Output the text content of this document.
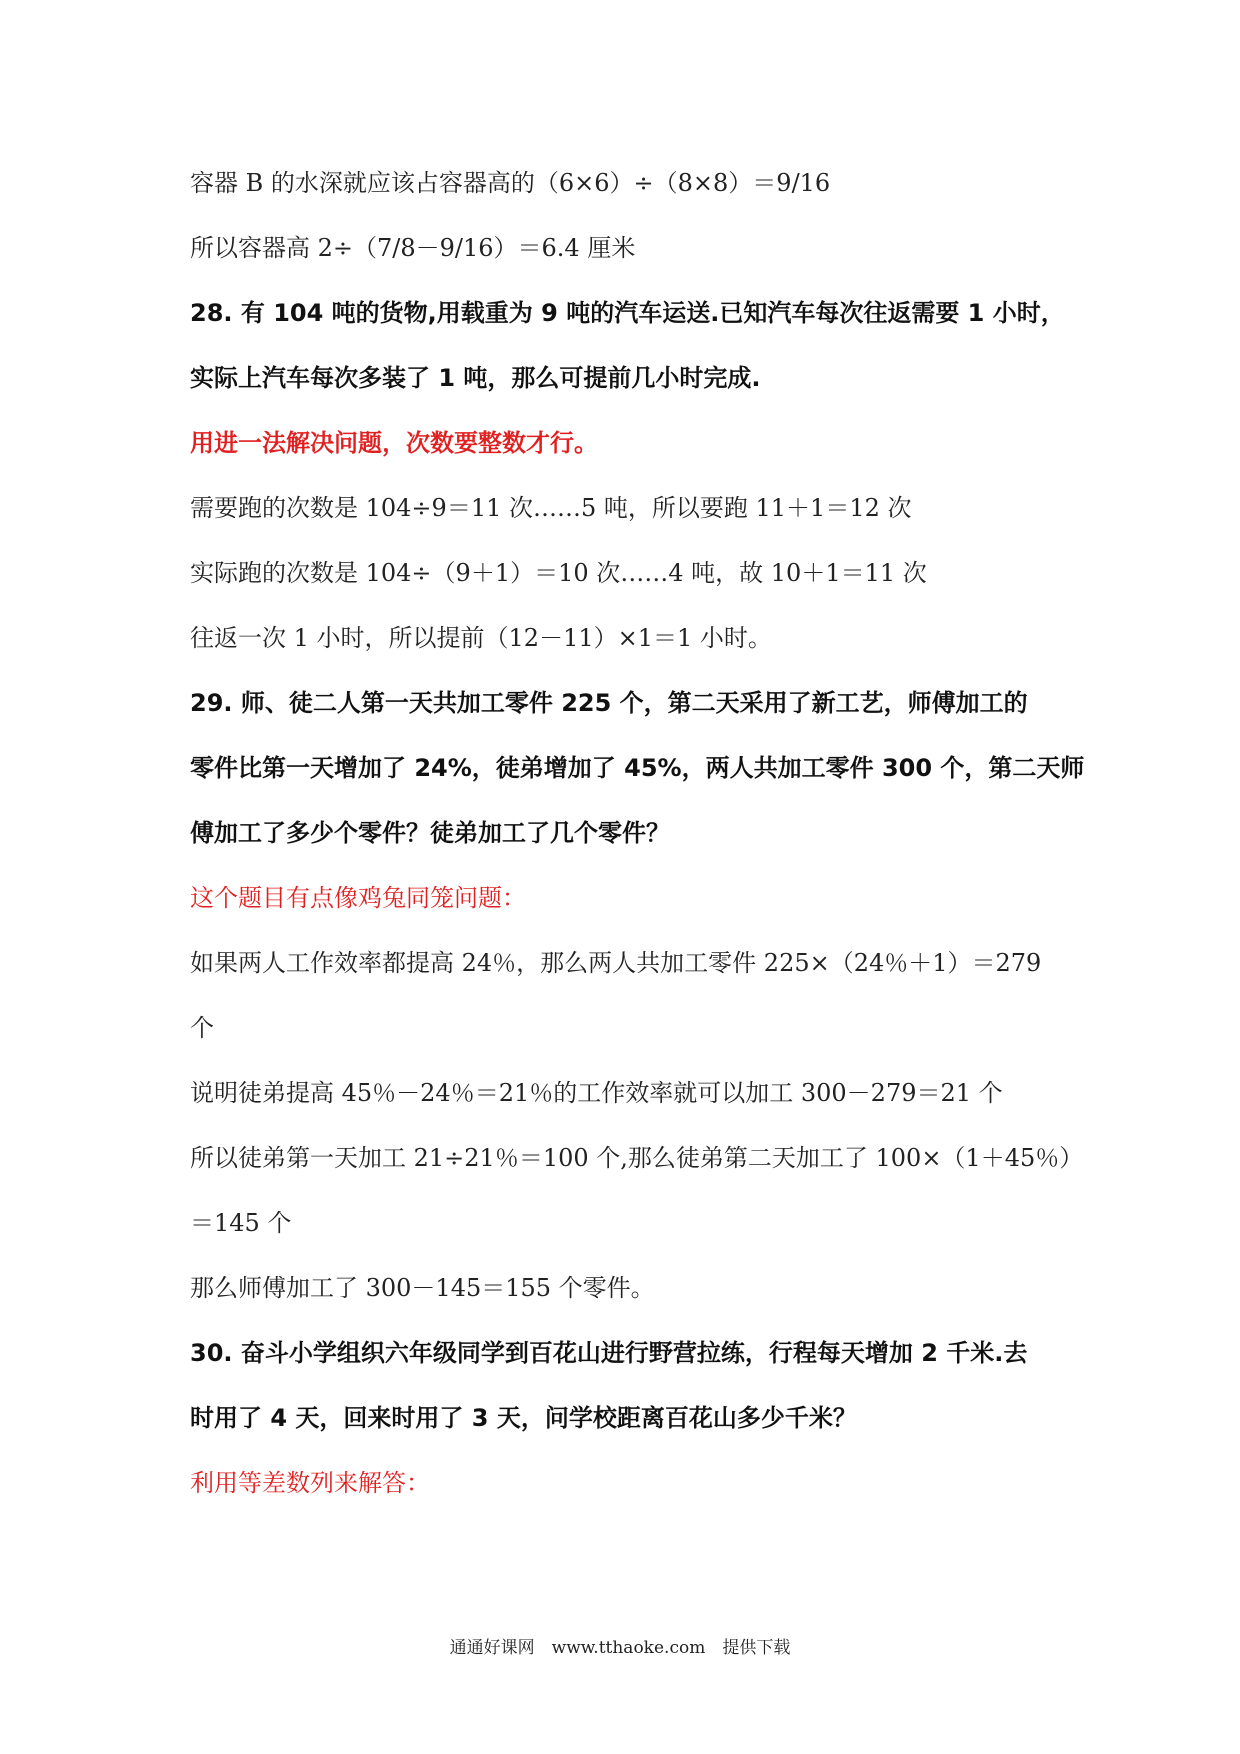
容器 B 的水深就应该占容器高的（6×6）÷（8×8）＝9/16
所以容器高 2÷（7/8－9/16）＝6.4 厘米
28. 有 104 吨的货物,用载重为 9 吨的汽车运送.已知汽车每次往返需要 1 小时，
实际上汽车每次多装了 1 吨，那么可提前几小时完成.
用进一法解决问题，次数要整数才行。
需要跑的次数是 104÷9＝11 次……5 吨，所以要跑 11＋1＝12 次
实际跑的次数是 104÷（9＋1）＝10 次……4 吨，故 10＋1＝11 次
往返一次 1 小时，所以提前（12－11）×1＝1 小时。
29. 师、徒二人第一天共加工零件 225 个，第二天采用了新工艺，师傅加工的
零件比第一天增加了 24%，徒弟增加了 45%，两人共加工零件 300 个，第二天师
傅加工了多少个零件？徒弟加工了几个零件？
这个题目有点像鸡兔同笼问题：
如果两人工作效率都提高 24％，那么两人共加工零件 225×（24％＋1）＝279
个
说明徒弟提高 45％－24％＝21％的工作效率就可以加工 300－279＝21 个
所以徒弟第一天加工 21÷21％＝100 个,那么徒弟第二天加工了 100×（1＋45％）
＝145 个
那么师傅加工了 300－145＝155 个零件。
30. 奋斗小学组织六年级同学到百花山进行野营拉练，行程每天增加 2 千米.去
时用了 4 天，回来时用了 3 天，问学校距离百花山多少千米？
利用等差数列来解答：
通通好课网　www.tthaoke.com　提供下载
